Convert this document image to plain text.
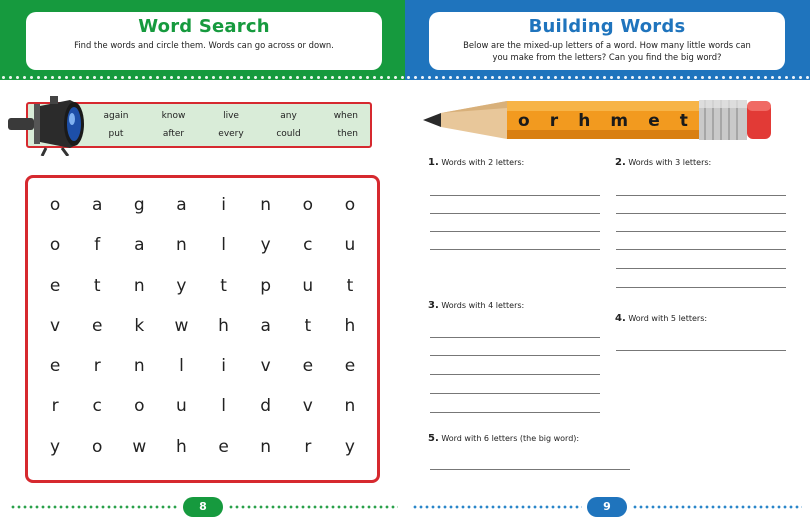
Word Search
Find the words and circle them. Words can go across or down.
Building Words
Below are the mixed-up letters of a word. How many little words can you make from the letters? Can you find the big word?
again	know	live	any	when
put	after	every	could	then
o	a	g	a	i	n	o	o
o	f	a	n	l	y	c	u
e	t	n	y	t	p	u	t
v	e	k	w	h	a	t	h
e	r	n	l	i	v	e	e
r	c	o	u	l	d	v	n
y	o	w	h	e	n	r	y
o r h m e t
1. Words with 2 letters:	2. Words with 3 letters:
3. Words with 4 letters:
4. Word with 5 letters:
5. Word with 6 letters (the big word):
8	9
